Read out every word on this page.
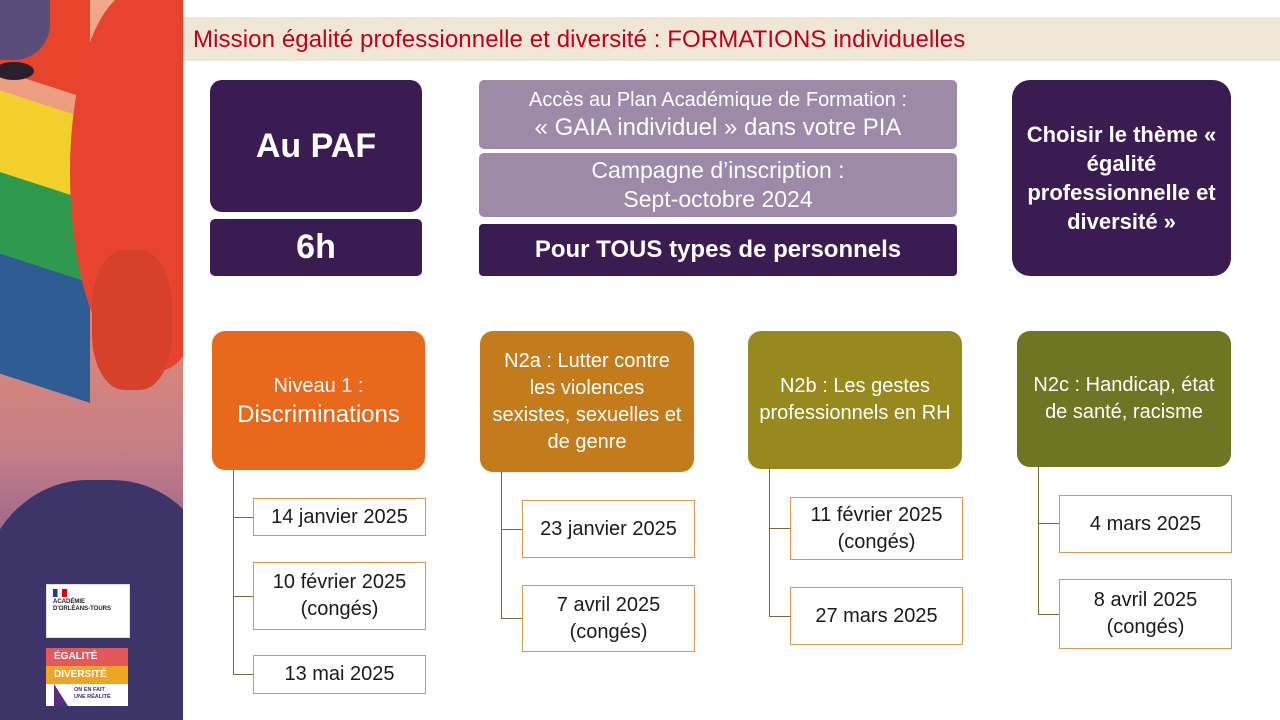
ACADÉMIE
D'ORLÉANS-TOURS
ÉGALITÉ
DIVERSITÉ
ON EN FAIT
UNE RÉALITÉ
Mission égalité professionnelle et diversité : FORMATIONS individuelles
Au PAF
6h
Accès au Plan Académique de Formation :
« GAIA individuel » dans votre PIA
Campagne d’inscription :
Sept-octobre 2024
Pour TOUS types de personnels
Choisir le thème « égalité professionnelle et diversité »
Niveau 1 :
Discriminations
N2a : Lutter contre les violences sexistes, sexuelles et de genre
N2b : Les gestes professionnels en RH
N2c : Handicap, état de santé, racisme
14 janvier 2025
10 février 2025
(congés)
13 mai 2025
23 janvier 2025
7 avril 2025
(congés)
11 février 2025
(congés)
27 mars 2025
4 mars 2025
8 avril 2025
(congés)
